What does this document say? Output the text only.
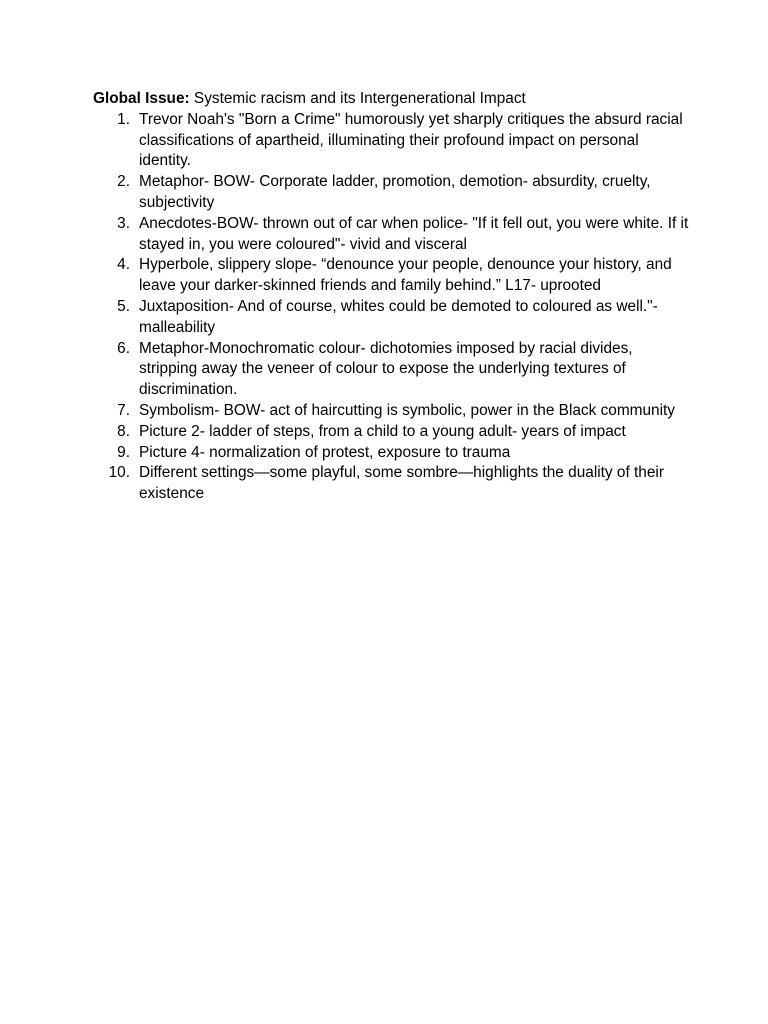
Global Issue: Systemic racism and its Intergenerational Impact

1. Trevor Noah's "Born a Crime" humorously yet sharply critiques the absurd racial classifications of apartheid, illuminating their profound impact on personal identity.
2. Metaphor- BOW- Corporate ladder, promotion, demotion- absurdity, cruelty, subjectivity
3. Anecdotes-BOW- thrown out of car when police- "If it fell out, you were white. If it stayed in, you were coloured"- vivid and visceral
4. Hyperbole, slippery slope- “denounce your people, denounce your history, and leave your darker-skinned friends and family behind.” L17- uprooted
5. Juxtaposition- And of course, whites could be demoted to coloured as well."- malleability
6. Metaphor-Monochromatic colour- dichotomies imposed by racial divides, stripping away the veneer of colour to expose the underlying textures of discrimination.
7. Symbolism- BOW- act of haircutting is symbolic, power in the Black community
8. Picture 2- ladder of steps, from a child to a young adult- years of impact
9. Picture 4- normalization of protest, exposure to trauma
10. Different settings—some playful, some sombre—highlights the duality of their existence
